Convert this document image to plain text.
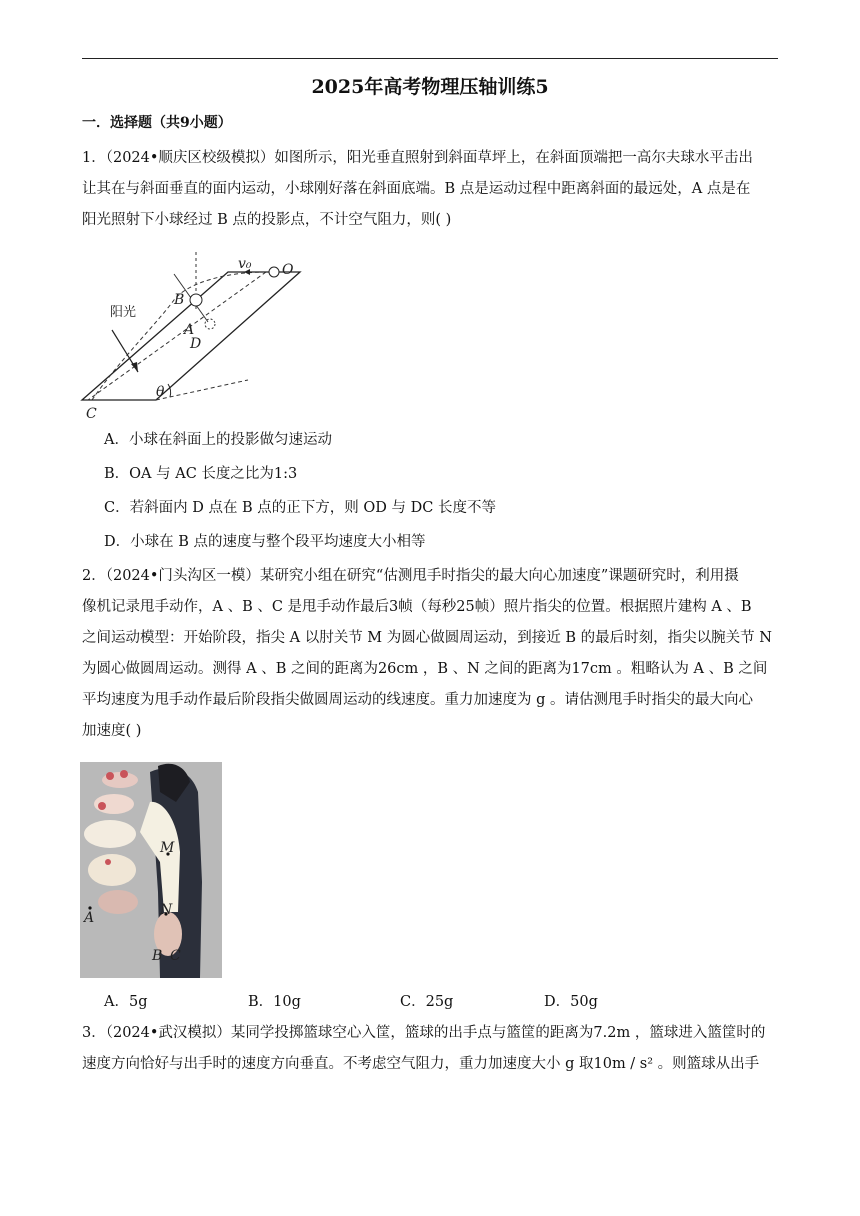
2025年高考物理压轴训练5
一．选择题（共9小题）

1．（2024•顺庆区校级模拟）如图所示，阳光垂直照射到斜面草坪上，在斜面顶端把一高尔夫球水平击出

让其在与斜面垂直的面内运动，小球刚好落在斜面底端。B 点是运动过程中距离斜面的最远处，A 点是在

阳光照射下小球经过 B 点的投影点，不计空气阻力，则( )

v₀ O
B
A
D
C
θ
阳光
A．小球在斜面上的投影做匀速运动
B．OA 与 AC 长度之比为1:3
C．若斜面内 D 点在 B 点的正下方，则 OD 与 DC 长度不等
D．小球在 B 点的速度与整个段平均速度大小相等

2．（2024•门头沟区一模）某研究小组在研究“估测甩手时指尖的最大向心加速度”课题研究时，利用摄

像机记录甩手动作，A 、B 、C 是甩手动作最后3帧（每秒25帧）照片指尖的位置。根据照片建构 A 、B

之间运动模型：开始阶段，指尖 A 以肘关节 M 为圆心做圆周运动，到接近 B 的最后时刻，指尖以腕关节 N

为圆心做圆周运动。测得 A 、B 之间的距离为26cm ，B 、N 之间的距离为17cm 。粗略认为 A 、B 之间

平均速度为甩手动作最后阶段指尖做圆周运动的线速度。重力加速度为 g 。请估测甩手时指尖的最大向心

加速度( )

M
N
A
B C
A．5g	B．10g	C．25g	D．50g

3．（2024•武汉模拟）某同学投掷篮球空心入筐，篮球的出手点与篮筐的距离为7.2m ，篮球进入篮筐时的

速度方向恰好与出手时的速度方向垂直。不考虑空气阻力，重力加速度大小 g 取10m / s² 。则篮球从出手
